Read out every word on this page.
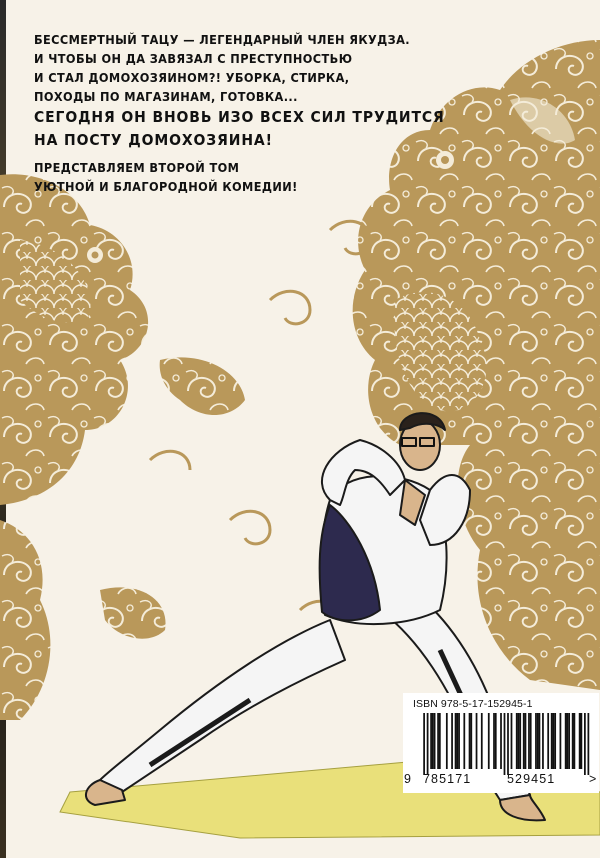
БЕССМЕРТНЫЙ ТАЦУ — ЛЕГЕНДАРНЫЙ ЧЛЕН ЯКУДЗА.

И ЧТОБЫ ОН ДА ЗАВЯЗАЛ С ПРЕСТУПНОСТЬЮ

И СТАЛ ДОМОХОЗЯИНОМ?! УБОРКА, СТИРКА,

ПОХОДЫ ПО МАГАЗИНАМ, ГОТОВКА...

СЕГОДНЯ ОН ВНОВЬ ИЗО ВСЕХ СИЛ ТРУДИТСЯ

НА ПОСТУ ДОМОХОЗЯИНА!

ПРЕДСТАВЛЯЕМ ВТОРОЙ ТОМ

УЮТНОЙ И БЛАГОРОДНОЙ КОМЕДИИ!

ISBN 978-5-17-152945-1
9 785171	529451	>
